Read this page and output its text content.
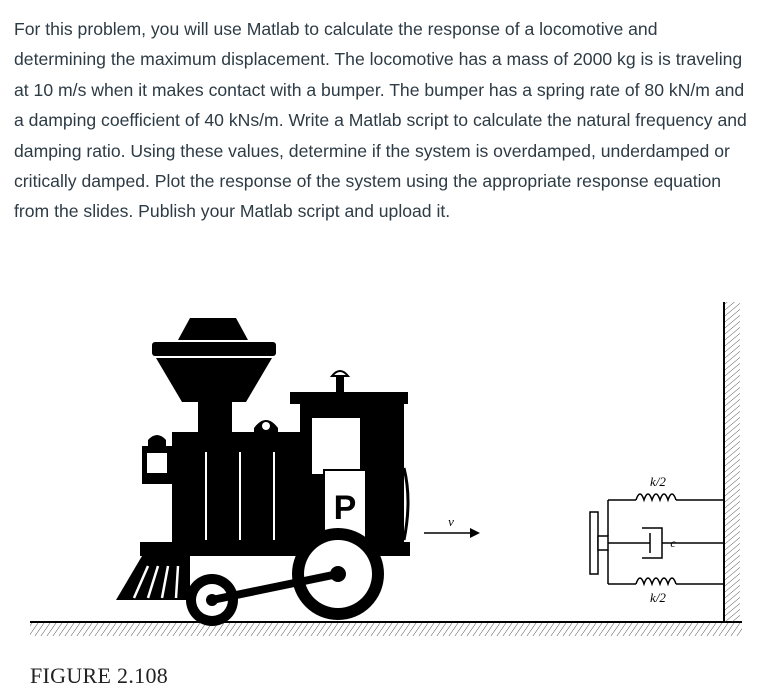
For this problem, you will use Matlab to calculate the response of a locomotive and determining the maximum displacement. The locomotive has a mass of 2000 kg is is traveling at 10 m/s when it makes contact with a bumper. The bumper has a spring rate of 80 kN/m and a damping coefficient of 40 kNs/m. Write a Matlab script to calculate the natural frequency and damping ratio. Using these values, determine if the system is overdamped, underdamped or critically damped. Plot the response of the system using the appropriate response equation from the slides. Publish your Matlab script and upload it.

P	v
k/2
c
k/2
FIGURE 2.108
